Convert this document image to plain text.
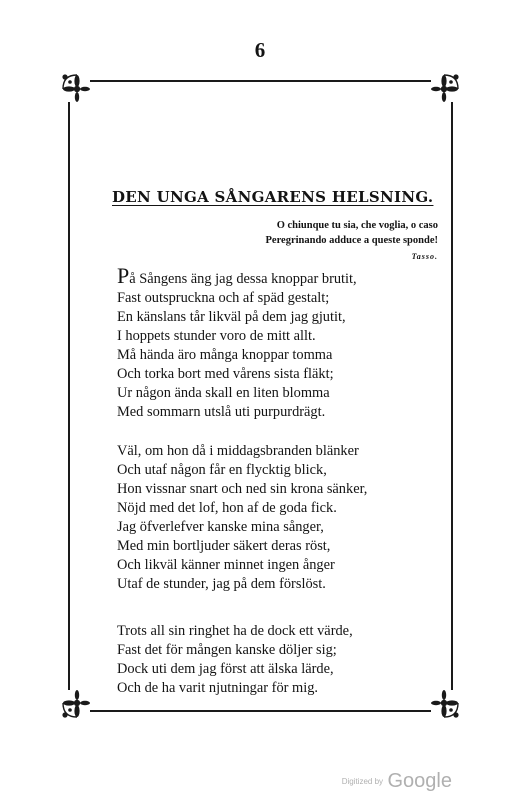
6
DEN UNGA SÅNGARENS HELSNING.
O chiunque tu sia, che voglia, o caso
Peregrinando adduce a queste sponde!
Tasso.
På Sångens äng jag dessa knoppar brutit,
Fast outspruckna och af späd gestalt;
En känslans tår likväl på dem jag gjutit,
I hoppets stunder voro de mitt allt.
Må hända äro många knoppar tomma
Och torka bort med vårens sista fläkt;
Ur någon ända skall en liten blomma
Med sommarn utslå uti purpurdrägt.
Väl, om hon då i middagsbranden blänker
Och utaf någon får en flycktig blick,
Hon vissnar snart och ned sin krona sänker,
Nöjd med det lof, hon af de goda fick.
Jag öfverlefver kanske mina sånger,
Med min bortljuder säkert deras röst,
Och likväl känner minnet ingen ånger
Utaf de stunder, jag på dem förslöst.
Trots all sin ringhet ha de dock ett värde,
Fast det för mången kanske döljer sig;
Dock uti dem jag först att älska lärde,
Och de ha varit njutningar för mig.
Digitized by Google
